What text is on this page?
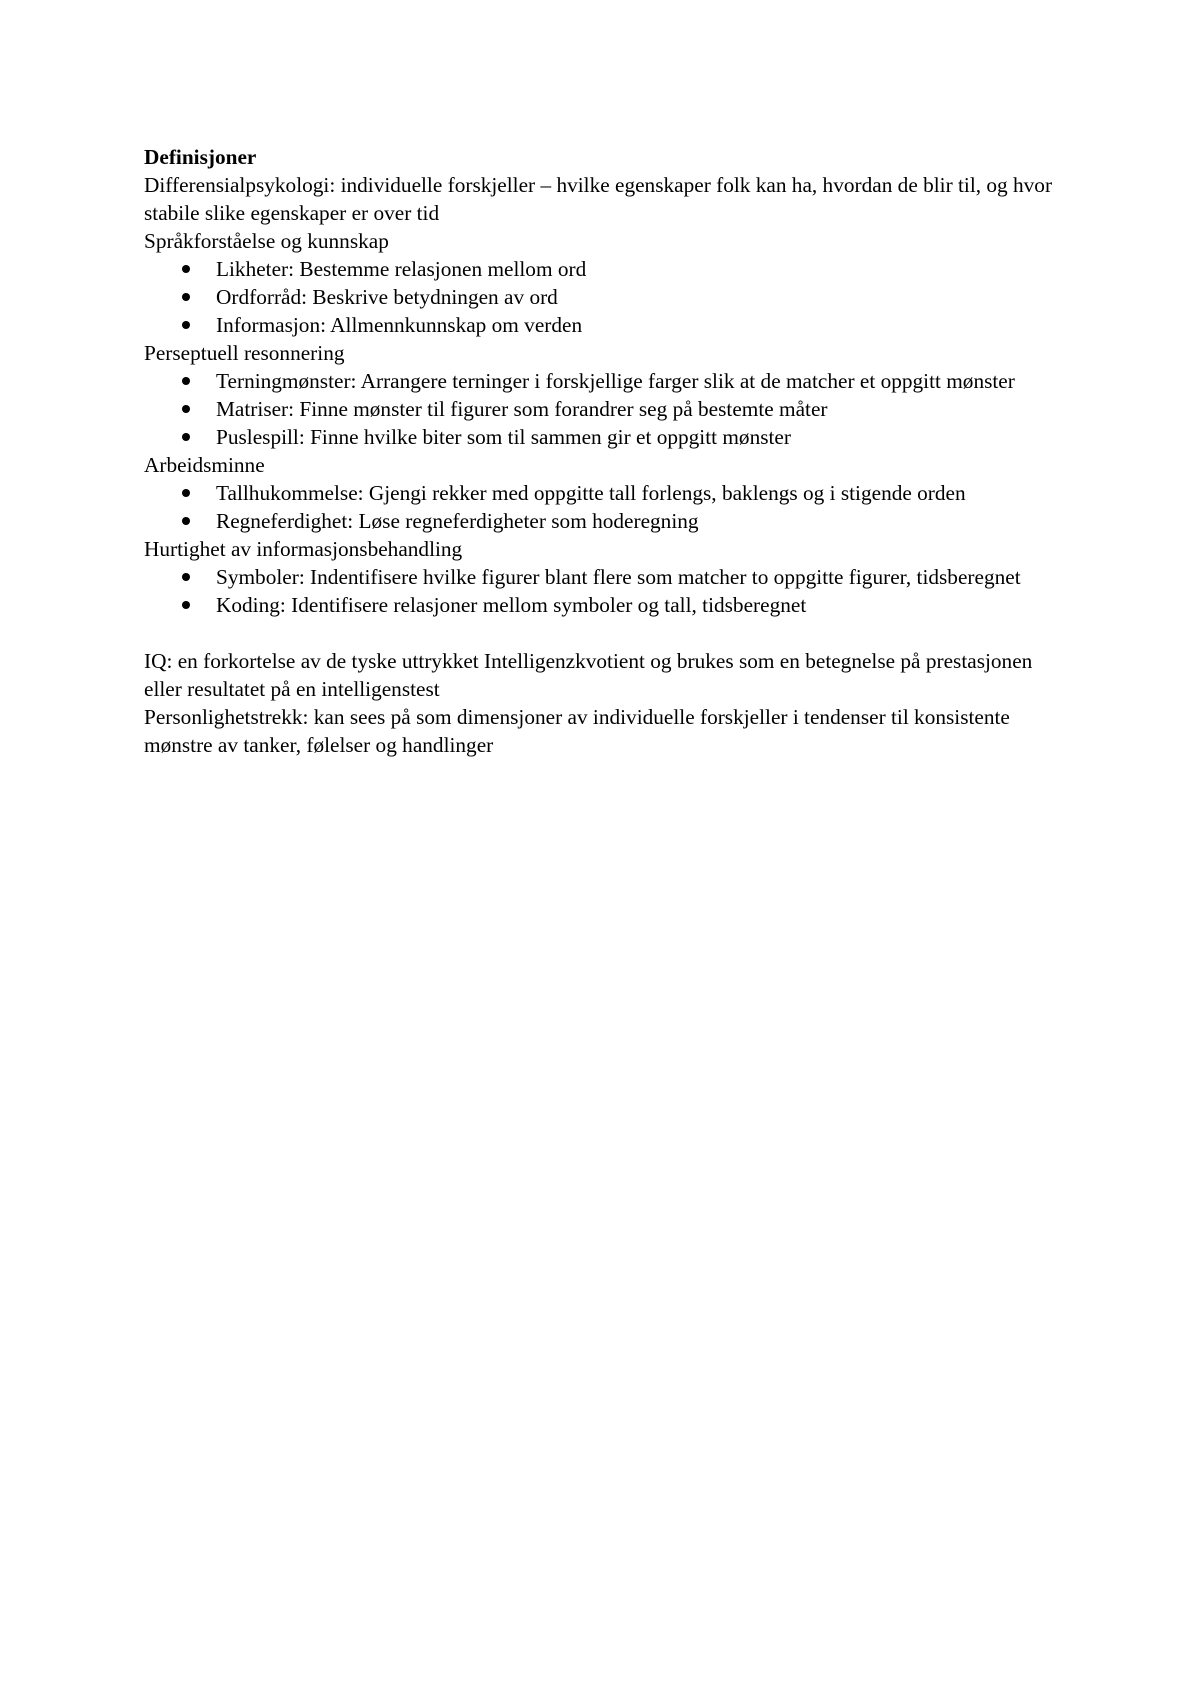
Definisjoner

Differensialpsykologi: individuelle forskjeller – hvilke egenskaper folk kan ha, hvordan de blir til, og hvor stabile slike egenskaper er over tid

Språkforståelse og kunnskap

Likheter: Bestemme relasjonen mellom ord
Ordforråd: Beskrive betydningen av ord
Informasjon: Allmennkunnskap om verden

Perseptuell resonnering

Terningmønster: Arrangere terninger i forskjellige farger slik at de matcher et oppgitt mønster
Matriser: Finne mønster til figurer som forandrer seg på bestemte måter
Puslespill: Finne hvilke biter som til sammen gir et oppgitt mønster

Arbeidsminne

Tallhukommelse: Gjengi rekker med oppgitte tall forlengs, baklengs og i stigende orden
Regneferdighet: Løse regneferdigheter som hoderegning

Hurtighet av informasjonsbehandling

Symboler: Indentifisere hvilke figurer blant flere som matcher to oppgitte figurer, tidsberegnet
Koding: Identifisere relasjoner mellom symboler og tall, tidsberegnet

IQ: en forkortelse av de tyske uttrykket Intelligenzkvotient og brukes som en betegnelse på prestasjonen eller resultatet på en intelligenstest

Personlighetstrekk: kan sees på som dimensjoner av individuelle forskjeller i tendenser til konsistente mønstre av tanker, følelser og handlinger
